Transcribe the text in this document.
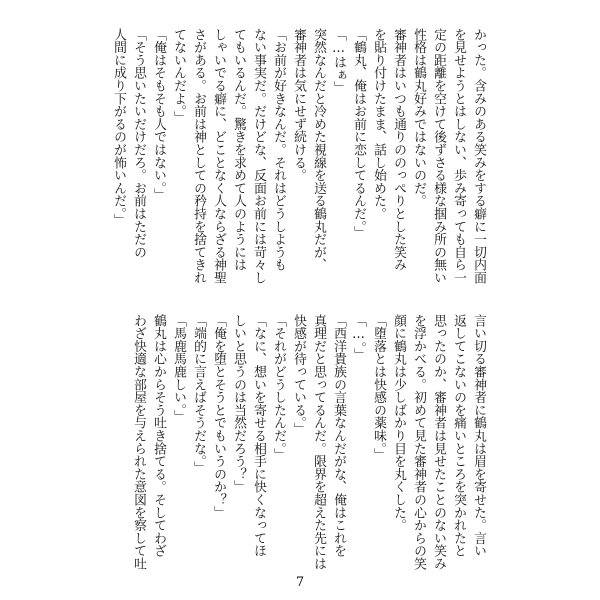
かった。含みのある笑みをする癖に一切内面
を見せようとはしない、歩み寄っても自ら一
定の距離を空けて後ずさる様な掴み所の無い
性格は鶴丸好みではないのだ。
審神者はいつも通りののっぺりとした笑み
を貼り付けたまま、話し始めた。
「鶴丸、俺はお前に恋してるんだ。」
「…はぁ」
突然なんだと冷めた視線を送る鶴丸だが、
審神者は気にせず続ける。
「お前が好きなんだ。それはどうしようも
ない事実だ。だけどな、反面お前には苛々し
てもいるんだ。驚きを求めて人のようには
しゃいでる癖に、どことなく人ならざる神聖
さがある。お前は神としての矜持を捨てきれ
てないんだよ。」
「俺はそもそも人ではない。」
「そう思いたいだけだろ。お前はただの
人間に成り下がるのが怖いんだ。」
言い切る審神者に鶴丸は眉を寄せた。言い
返してこないのを痛いところを突かれたと
思ったのか、審神者は見せたことのない笑み
を浮かべる。初めて見た審神者の心からの笑
顔に鶴丸は少しばかり目を丸くした。
「堕落とは快感の薬味。」
「…。」
「西洋貴族の言葉なんだがな、俺はこれを
真理だと思ってるんだ。限界を超えた先には
快感が待っている。」
「それがどうしたんだ。」
「なに、想いを寄せる相手に快くなってほ
しいと思うのは当然だろう？」
「俺を堕とそうとでもいうのか？」
「端的に言えばそうだな。」
「馬鹿馬鹿しい。」
鶴丸は心からそう吐き捨てる。そしてわざ
わざ快適な部屋を与えられた意図を察して吐
7
